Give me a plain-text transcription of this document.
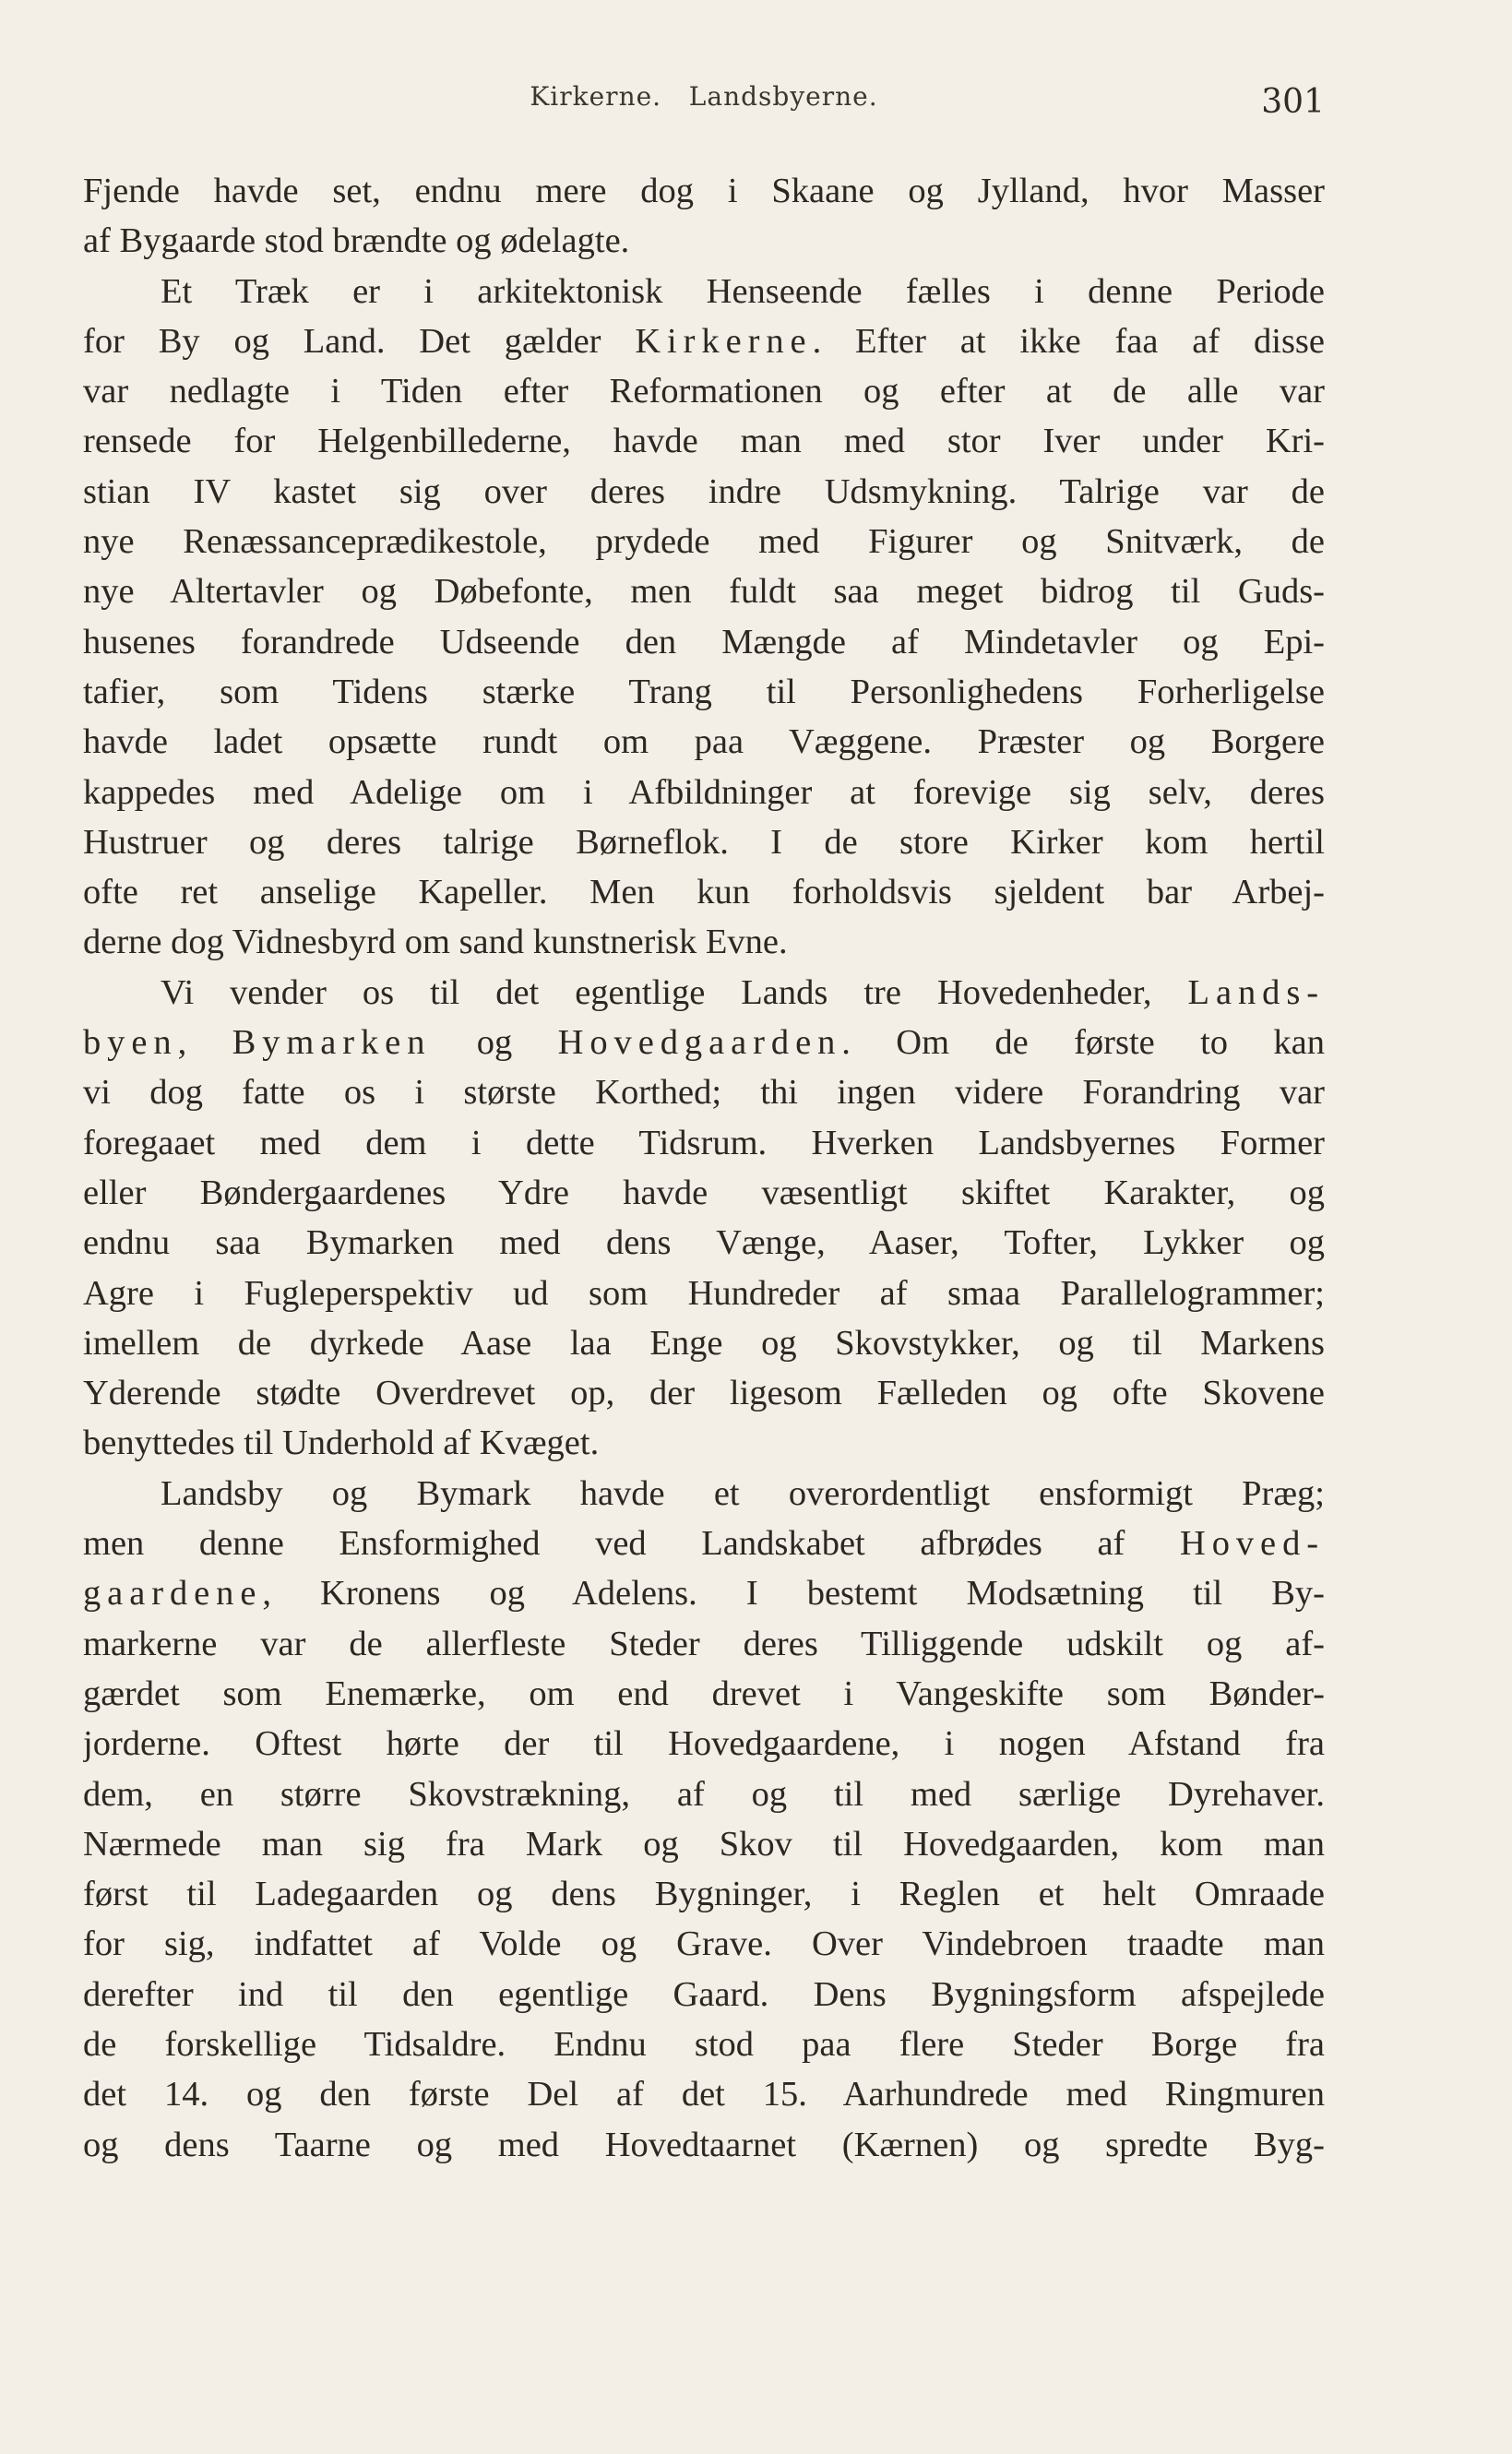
Kirkerne.   Landsbyerne.	301
Fjende havde set, endnu mere dog i Skaane og Jylland, hvor Masser
af Bygaarde stod brændte og ødelagte.
Et Træk er i arkitektonisk Henseende fælles i denne Periode
for By og Land. Det gælder Kirkerne. Efter at ikke faa af disse
var nedlagte i Tiden efter Reformationen og efter at de alle var
rensede for Helgenbillederne, havde man med stor Iver under Kri-
stian IV kastet sig over deres indre Udsmykning. Talrige var de
nye Renæssanceprædikestole, prydede med Figurer og Snitværk, de
nye Altertavler og Døbefonte, men fuldt saa meget bidrog til Guds-
husenes forandrede Udseende den Mængde af Mindetavler og Epi-
tafier, som Tidens stærke Trang til Personlighedens Forherligelse
havde ladet opsætte rundt om paa Væggene. Præster og Borgere
kappedes med Adelige om i Afbildninger at forevige sig selv, deres
Hustruer og deres talrige Børneflok. I de store Kirker kom hertil
ofte ret anselige Kapeller. Men kun forholdsvis sjeldent bar Arbej-
derne dog Vidnesbyrd om sand kunstnerisk Evne.
Vi vender os til det egentlige Lands tre Hovedenheder, Lands-
byen, Bymarken og Hovedgaarden. Om de første to kan
vi dog fatte os i største Korthed; thi ingen videre Forandring var
foregaaet med dem i dette Tidsrum. Hverken Landsbyernes Former
eller Bøndergaardenes Ydre havde væsentligt skiftet Karakter, og
endnu saa Bymarken med dens Vænge, Aaser, Tofter, Lykker og
Agre i Fugleperspektiv ud som Hundreder af smaa Parallelogrammer;
imellem de dyrkede Aase laa Enge og Skovstykker, og til Markens
Yderende stødte Overdrevet op, der ligesom Fælleden og ofte Skovene
benyttedes til Underhold af Kvæget.
Landsby og Bymark havde et overordentligt ensformigt Præg;
men denne Ensformighed ved Landskabet afbrødes af Hoved-
gaardene, Kronens og Adelens. I bestemt Modsætning til By-
markerne var de allerfleste Steder deres Tilliggende udskilt og af-
gærdet som Enemærke, om end drevet i Vangeskifte som Bønder-
jorderne. Oftest hørte der til Hovedgaardene, i nogen Afstand fra
dem, en større Skovstrækning, af og til med særlige Dyrehaver.
Nærmede man sig fra Mark og Skov til Hovedgaarden, kom man
først til Ladegaarden og dens Bygninger, i Reglen et helt Omraade
for sig, indfattet af Volde og Grave. Over Vindebroen traadte man
derefter ind til den egentlige Gaard. Dens Bygningsform afspejlede
de forskellige Tidsaldre. Endnu stod paa flere Steder Borge fra
det 14. og den første Del af det 15. Aarhundrede med Ringmuren
og dens Taarne og med Hovedtaarnet (Kærnen) og spredte Byg-
